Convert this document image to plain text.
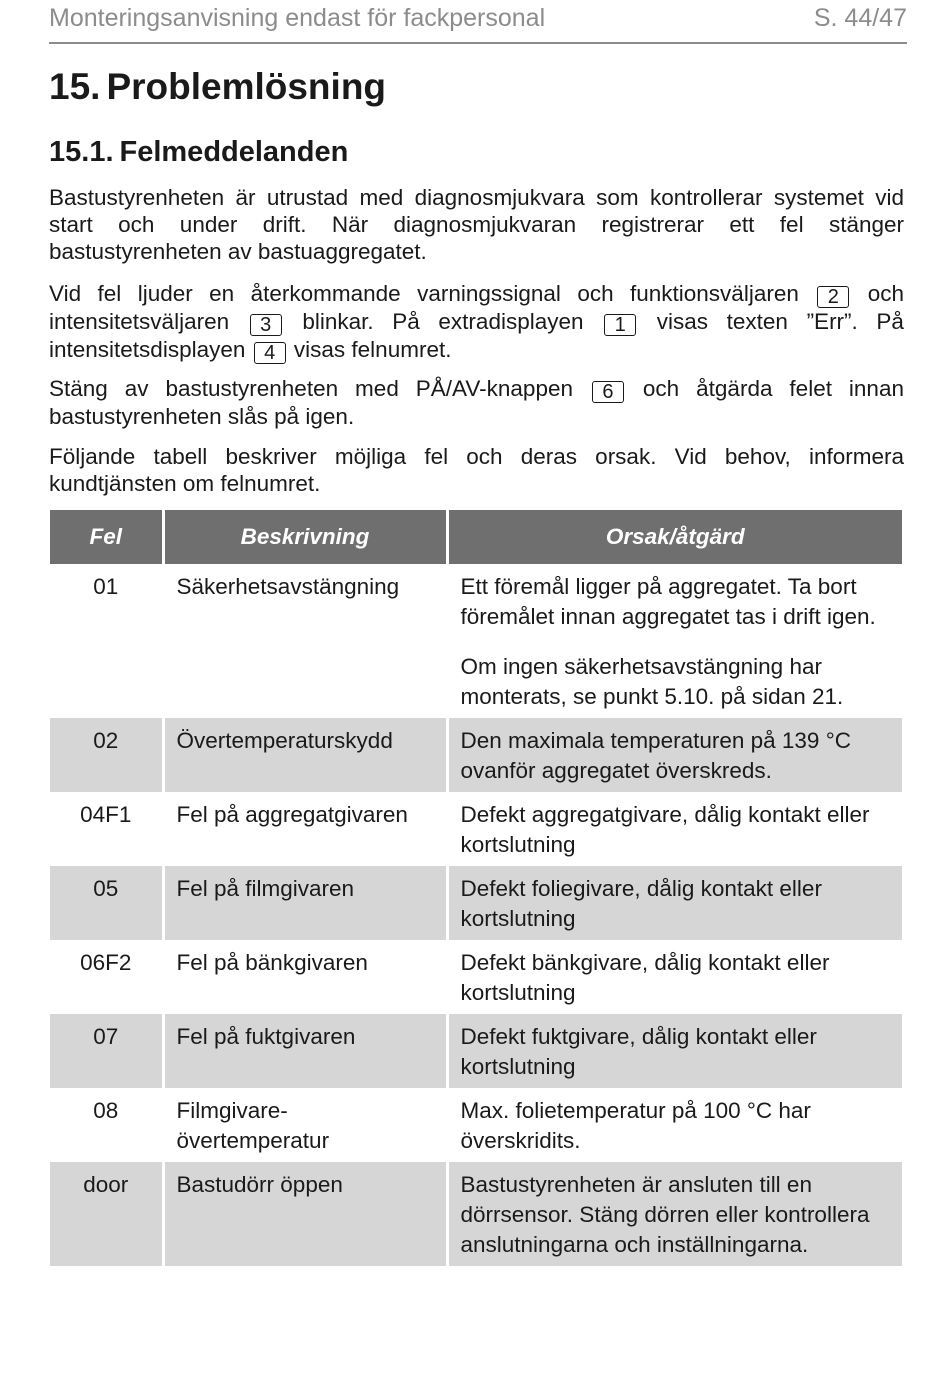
Monteringsanvisning endast för fackpersonal	S. 44/47
15. Problemlösning
15.1. Felmeddelanden

Bastustyrenheten är utrustad med diagnosmjukvara som kontrollerar systemet vid start och under drift. När diagnosmjukvaran registrerar ett fel stänger bastustyrenheten av bastuaggregatet.

Vid fel ljuder en återkommande varningssignal och funktionsväljaren 2 och intensitetsväljaren 3 blinkar. På extradisplayen 1 visas texten ”Err”. På intensitetsdisplayen 4 visas felnumret.

Stäng av bastustyrenheten med PÅ/AV-knappen 6 och åtgärda felet innan bastustyrenheten slås på igen.

Följande tabell beskriver möjliga fel och deras orsak. Vid behov, informera kundtjänsten om felnumret.

Fel	Beskrivning	Orsak/åtgärd
01	Säkerhetsavstängning	Ett föremål ligger på aggregatet. Ta bort föremålet innan aggregatet tas i drift igen.
Om ingen säkerhetsavstängning har monterats, se punkt 5.10. på sidan 21.

02	Övertemperaturskydd	Den maximala temperaturen på 139 °C ovanför aggregatet överskreds.
04F1	Fel på aggregatgivaren	Defekt aggregatgivare, dålig kontakt eller kortslutning
05	Fel på filmgivaren	Defekt foliegivare, dålig kontakt eller kortslutning
06F2	Fel på bänkgivaren	Defekt bänkgivare, dålig kontakt eller kortslutning
07	Fel på fuktgivaren	Defekt fuktgivare, dålig kontakt eller kortslutning
08	Filmgivare-övertemperatur	Max. folietemperatur på 100 °C har överskridits.
door	Bastudörr öppen	Bastustyrenheten är ansluten till en dörrsensor. Stäng dörren eller kontrollera anslutningarna och inställningarna.
